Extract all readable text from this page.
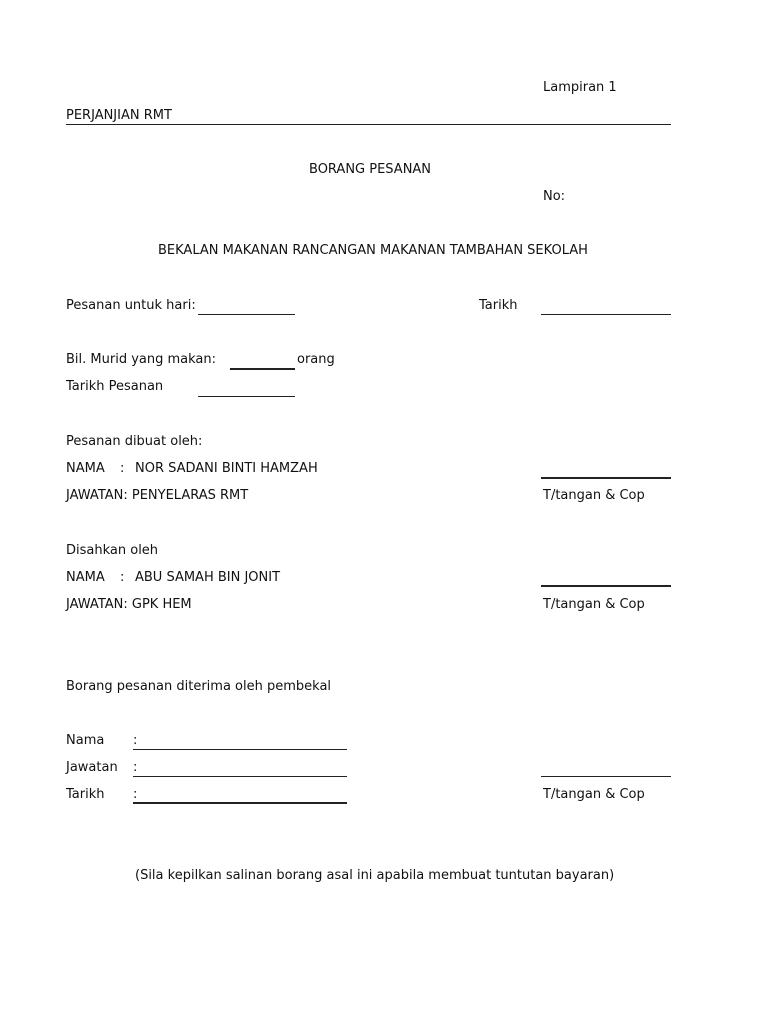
Lampiran 1
PERJANJIAN RMT
BORANG PESANAN
No:
BEKALAN MAKANAN RANCANGAN MAKANAN TAMBAHAN SEKOLAH
Pesanan untuk hari:	Tarikh
Bil. Murid yang makan:	orang
Tarikh Pesanan
Pesanan dibuat oleh:
NAMA : NOR SADANI BINTI HAMZAH
JAWATAN: PENYELARAS RMT	T/tangan & Cop
Disahkan oleh
NAMA : ABU SAMAH BIN JONIT
JAWATAN: GPK HEM	T/tangan & Cop
Borang pesanan diterima oleh pembekal
Nama :
Jawatan :
Tarikh :	T/tangan & Cop
(Sila kepilkan salinan borang asal ini apabila membuat tuntutan bayaran)
